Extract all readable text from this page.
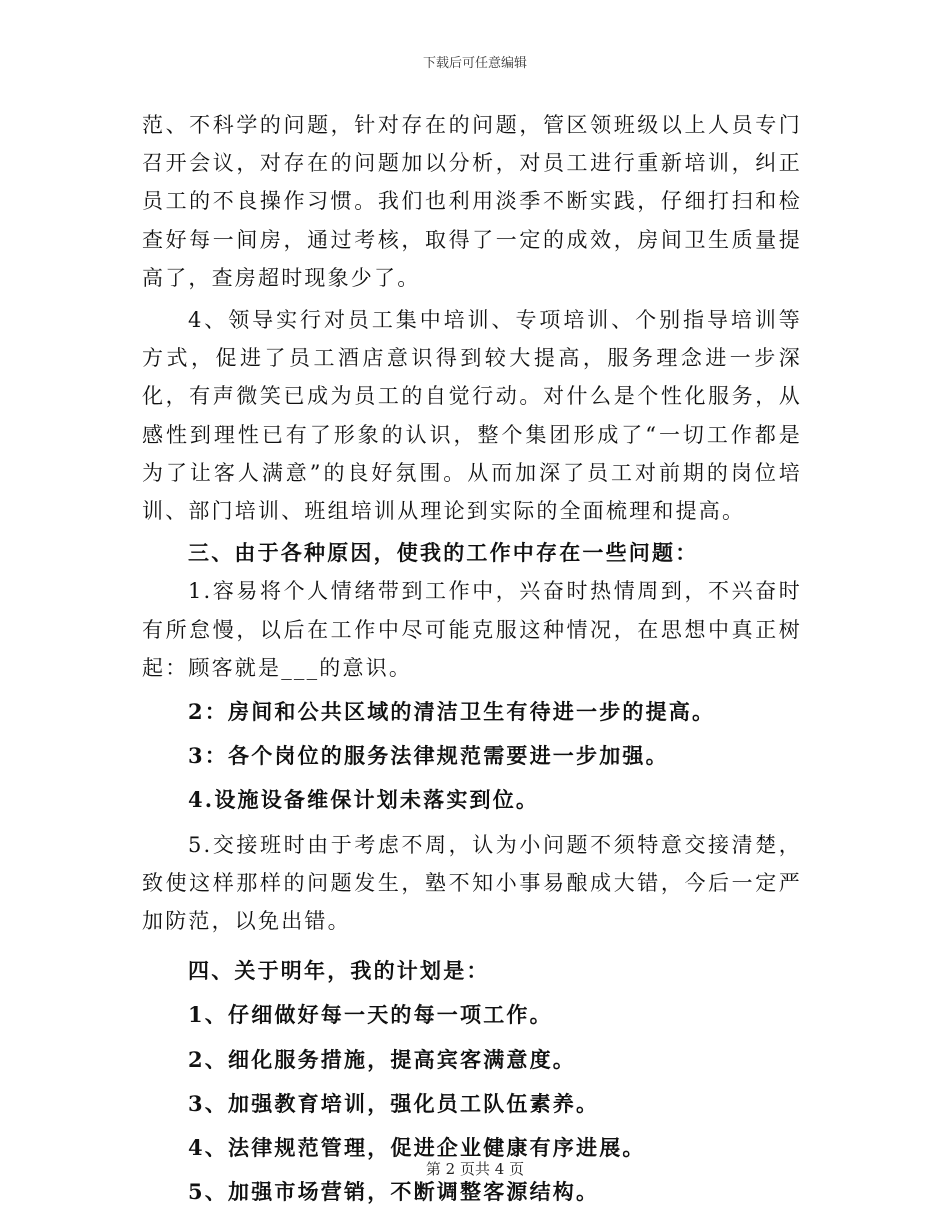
下载后可任意编辑

范、不科学的问题，针对存在的问题，管区领班级以上人员专门召开会议，对存在的问题加以分析，对员工进行重新培训，纠正员工的不良操作习惯。我们也利用淡季不断实践，仔细打扫和检查好每一间房，通过考核，取得了一定的成效，房间卫生质量提高了，查房超时现象少了。

4、领导实行对员工集中培训、专项培训、个别指导培训等方式，促进了员工酒店意识得到较大提高，服务理念进一步深化，有声微笑已成为员工的自觉行动。对什么是个性化服务，从感性到理性已有了形象的认识，整个集团形成了“一切工作都是为了让客人满意”的良好氛围。从而加深了员工对前期的岗位培训、部门培训、班组培训从理论到实际的全面梳理和提高。

三、由于各种原因，使我的工作中存在一些问题：

1.容易将个人情绪带到工作中，兴奋时热情周到，不兴奋时有所怠慢，以后在工作中尽可能克服这种情况，在思想中真正树起：顾客就是___的意识。

2：房间和公共区域的清洁卫生有待进一步的提高。

3：各个岗位的服务法律规范需要进一步加强。

4.设施设备维保计划未落实到位。

5.交接班时由于考虑不周，认为小问题不须特意交接清楚，致使这样那样的问题发生，塾不知小事易酿成大错，今后一定严加防范，以免出错。

四、关于明年，我的计划是：

1、仔细做好每一天的每一项工作。

2、细化服务措施，提高宾客满意度。

3、加强教育培训，强化员工队伍素养。

4、法律规范管理，促进企业健康有序进展。

5、加强市场营销，不断调整客源结构。

第 2 页共 4 页
